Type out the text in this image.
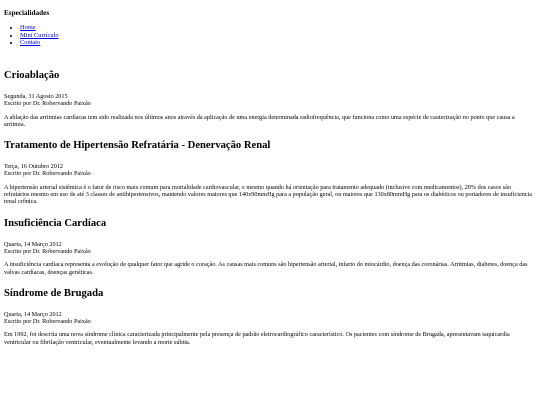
Especialidades
• Home
• Mini Currículo
• Contato
Crioablação
Segunda, 31 Agosto 2015
Escrito por Dr. Robervando Paixão

A ablação das arritmias cardíacas tem sido realizada nos últimos anos através da aplicação de uma energia denominada radiofrequência, que funciona como uma espécie de cauterização no ponto que causa a arritmia.

Tratamento de Hipertensão Refratária - Denervação Renal
Terça, 16 Outubro 2012
Escrito por Dr. Robervando Paixão

A hipertensão arterial sistêmica é o fator de risco mais comum para mortalidade cardiovascular, e mesmo quando há orientação para tratamento adequado (inclusive com medicamentos), 20% dos casos são refratários mesmo em uso de até 3 classes de antihipertensivos, mantendo valores maiores que 140x90mmHg para a população geral, ou maiores que 130x80mmHg para os diabéticos ou portadores de insuficiencia renal crônica.

Insuficiência Cardíaca
Quarta, 14 Março 2012
Escrito por Dr. Robervando Paixão

A insuficiência cardíaca representa a evolução de qualquer fator que agride o coração. As causas mais comuns são hipertensão arterial, infarto do miocárdio, doença das coronárias. Arritmias, diabetes, doença das valvas cardíacas, doenças genéticas.

Síndrome de Brugada
Quarta, 14 Março 2012
Escrito por Dr. Robervando Paixão

Em 1992, foi descrita uma nova síndrome clínica caracterizada principalmente pela presença de padrão eletrocardiográfico característico. Os pacientes com síndrome de Brugada, apresentavam taquicardia ventricular ou fibrilação ventricular, eventualmente levando a morte súbita.
